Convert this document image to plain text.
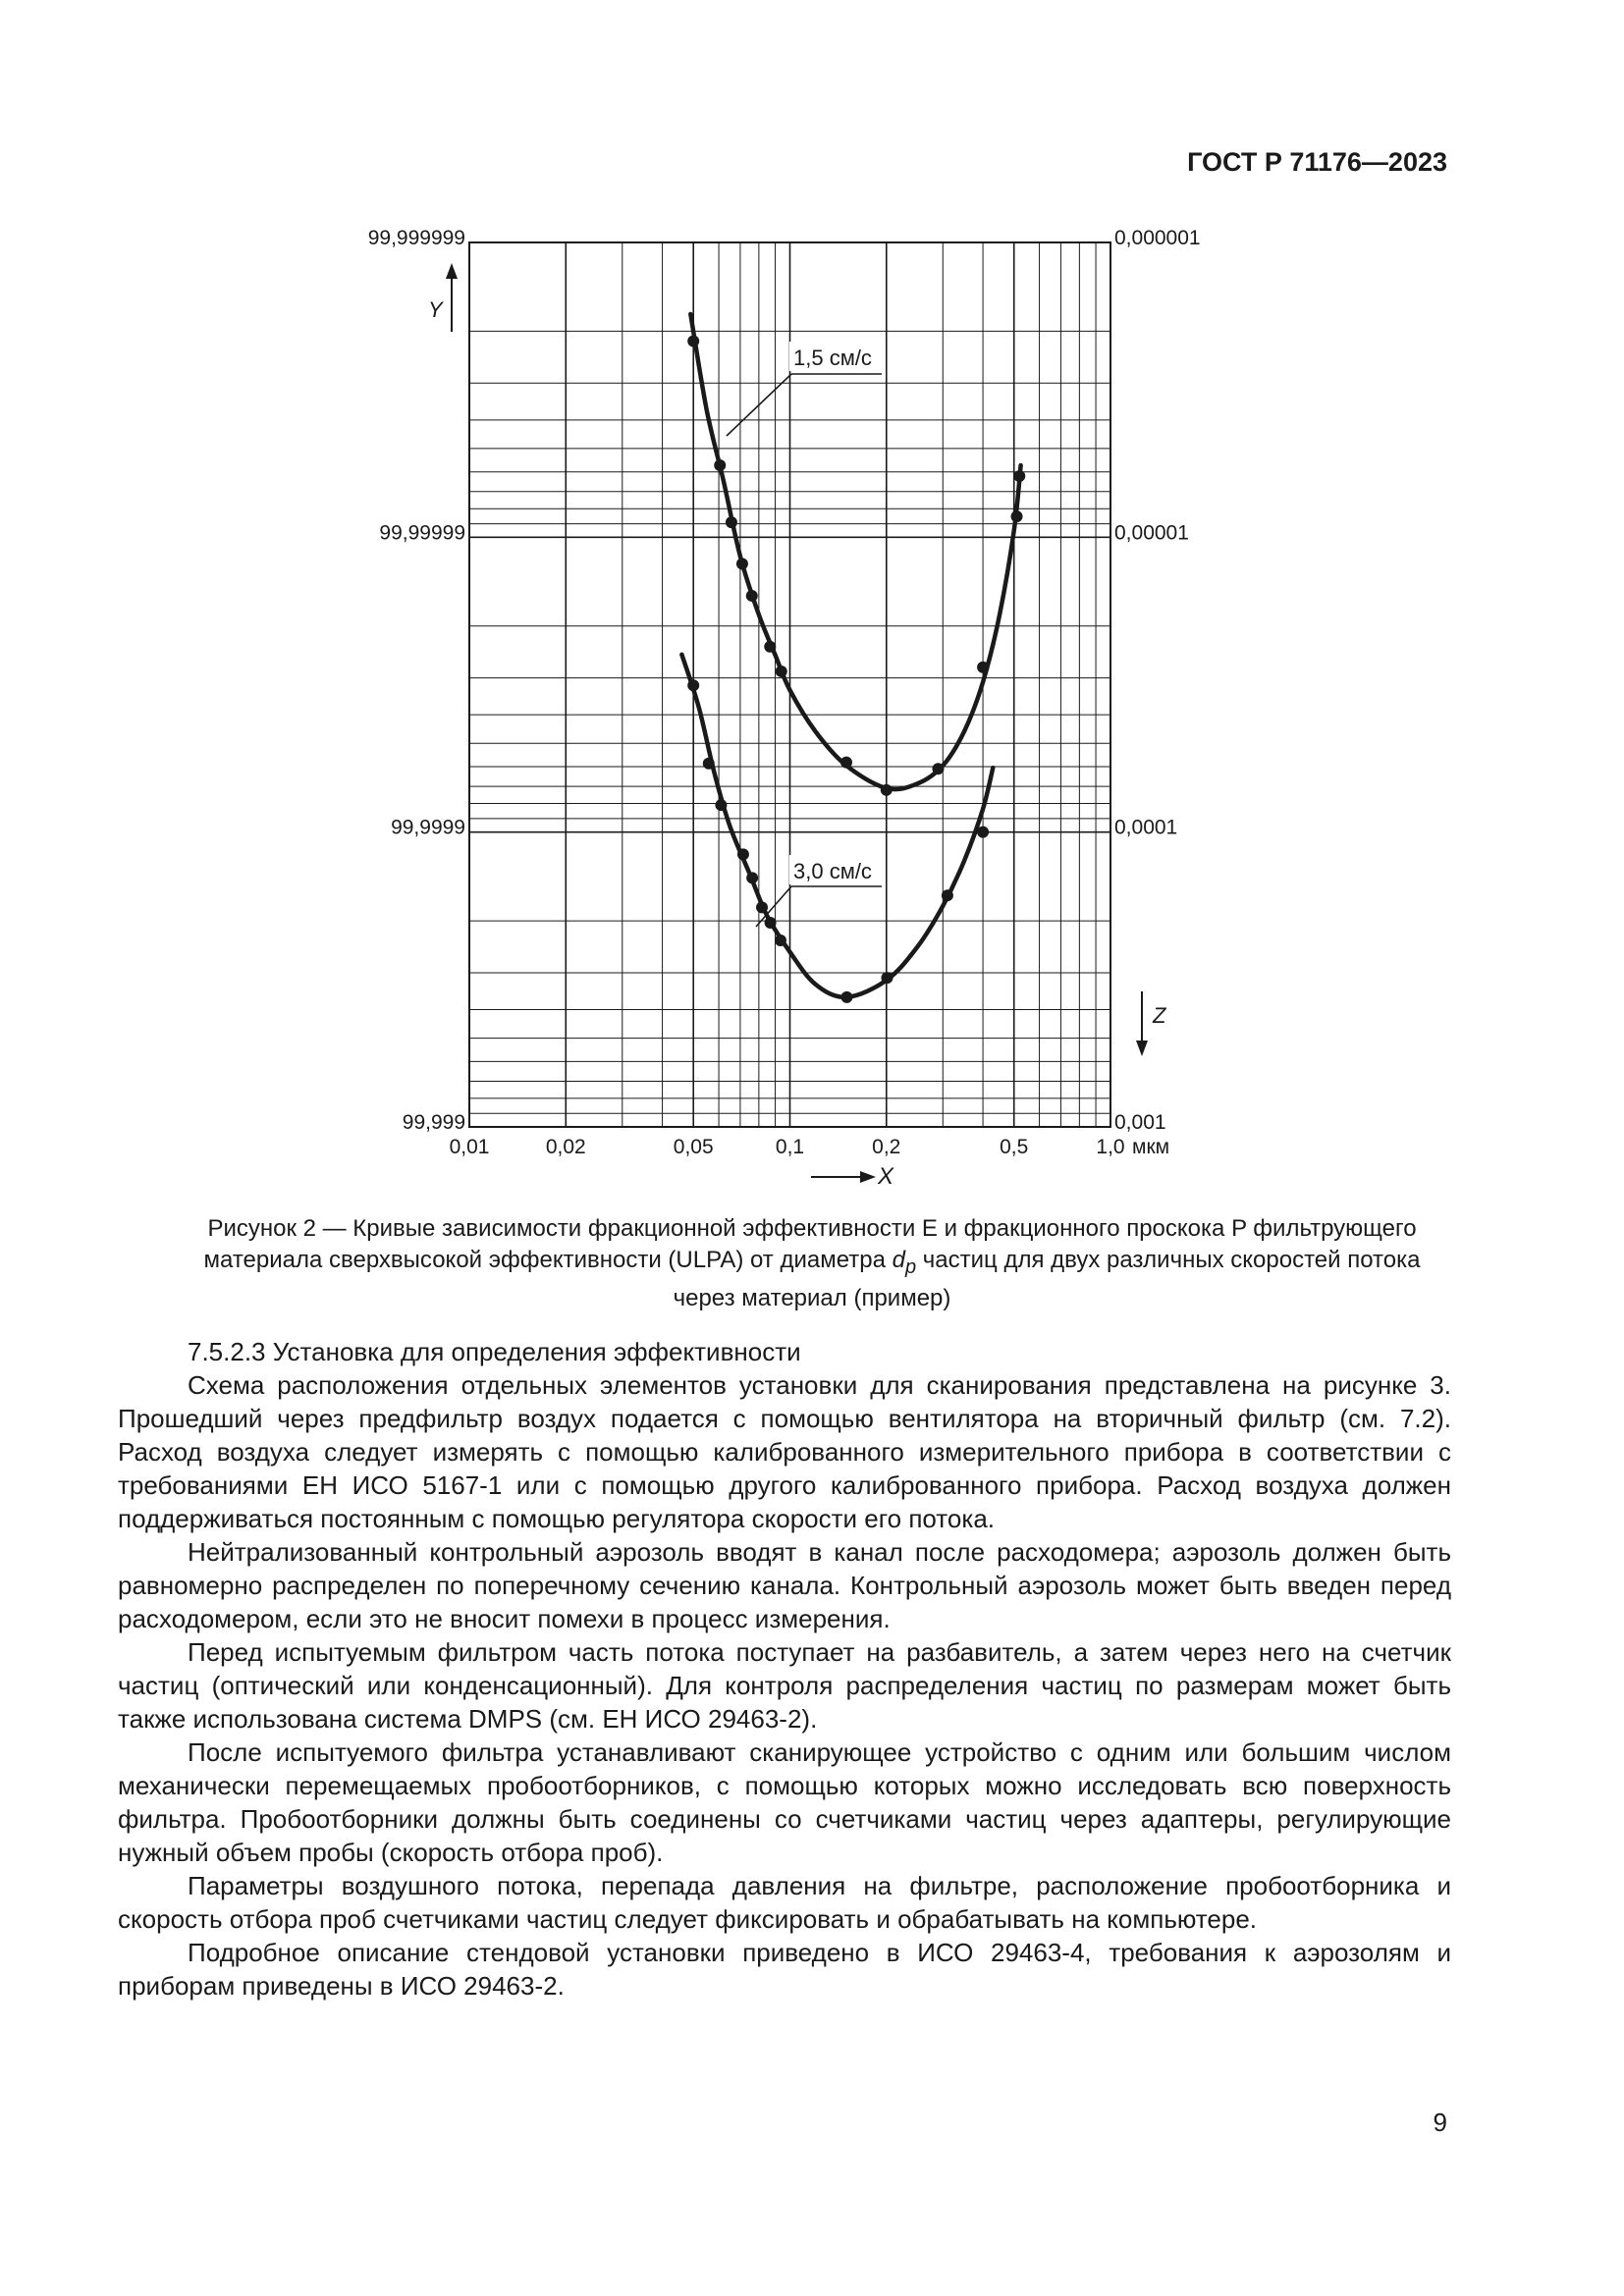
ГОСТ Р 71176—2023
1,5 см/с
3,0 см/с
99,999999
99,99999
99,9999
99,999
0,000001
0,00001
0,0001
0,001
0,01	0,02	0,05	0,1	0,2	0,5	1,0 мкм
Y
Z
X
Рисунок 2 — Кривые зависимости фракционной эффективности E и фракционного проскока P фильтрующего
материала сверхвысокой эффективности (ULPA) от диаметра $d_p$ частиц для двух различных скоростей потока
через материал (пример)

7.5.2.3 Установка для определения эффективности

Схема расположения отдельных элементов установки для сканирования представлена на рисунке 3. Прошедший через предфильтр воздух подается с помощью вентилятора на вторичный фильтр (см. 7.2). Расход воздуха следует измерять с помощью калиброванного измерительного прибора в соответствии с требованиями ЕН ИСО 5167-1 или с помощью другого калиброванного прибора. Расход воздуха должен поддерживаться постоянным с помощью регулятора скорости его потока.

Нейтрализованный контрольный аэрозоль вводят в канал после расходомера; аэрозоль должен быть равномерно распределен по поперечному сечению канала. Контрольный аэрозоль может быть введен перед расходомером, если это не вносит помехи в процесс измерения.

Перед испытуемым фильтром часть потока поступает на разбавитель, а затем через него на счетчик частиц (оптический или конденсационный). Для контроля распределения частиц по размерам может быть также использована система DMPS (см. ЕН ИСО 29463-2).

После испытуемого фильтра устанавливают сканирующее устройство с одним или большим числом механически перемещаемых пробоотборников, с помощью которых можно исследовать всю поверхность фильтра. Пробоотборники должны быть соединены со счетчиками частиц через адаптеры, регулирующие нужный объем пробы (скорость отбора проб).

Параметры воздушного потока, перепада давления на фильтре, расположение пробоотборника и скорость отбора проб счетчиками частиц следует фиксировать и обрабатывать на компьютере.

Подробное описание стендовой установки приведено в ИСО 29463-4, требования к аэрозолям и приборам приведены в ИСО 29463-2.

9
